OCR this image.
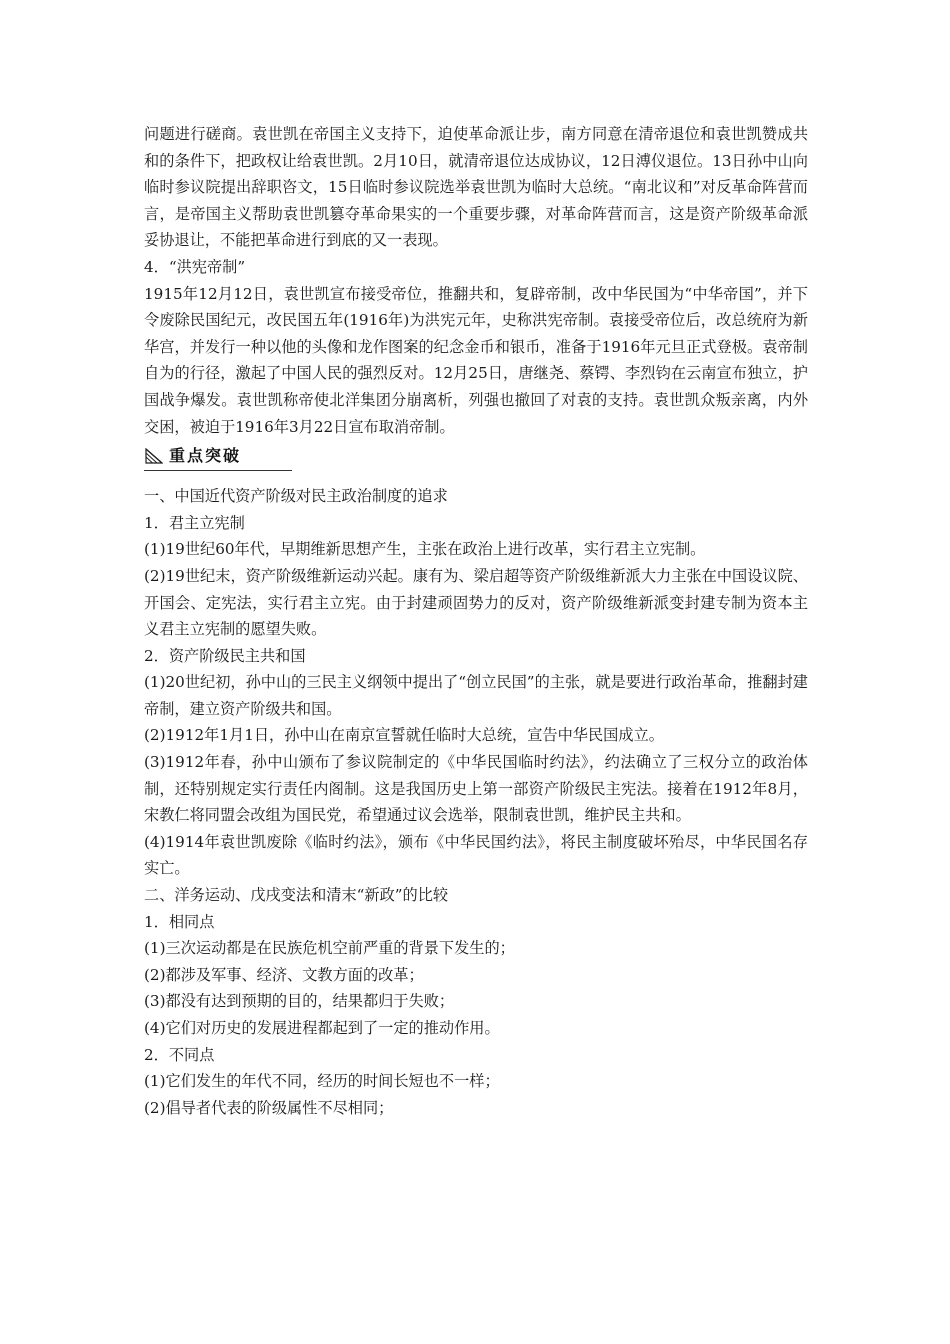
问题进行磋商。袁世凯在帝国主义支持下，迫使革命派让步，南方同意在清帝退位和袁世凯赞成共和的条件下，把政权让给袁世凯。2月10日，就清帝退位达成协议，12日溥仪退位。13日孙中山向临时参议院提出辞职咨文，15日临时参议院选举袁世凯为临时大总统。“南北议和”对反革命阵营而言，是帝国主义帮助袁世凯篡夺革命果实的一个重要步骤，对革命阵营而言，这是资产阶级革命派妥协退让，不能把革命进行到底的又一表现。

4．“洪宪帝制”

1915年12月12日，袁世凯宣布接受帝位，推翻共和，复辟帝制，改中华民国为“中华帝国”，并下令废除民国纪元，改民国五年(1916年)为洪宪元年，史称洪宪帝制。袁接受帝位后，改总统府为新华宫，并发行一种以他的头像和龙作图案的纪念金币和银币，准备于1916年元旦正式登极。袁帝制自为的行径，激起了中国人民的强烈反对。12月25日，唐继尧、蔡锷、李烈钧在云南宣布独立，护国战争爆发。袁世凯称帝使北洋集团分崩离析，列强也撤回了对袁的支持。袁世凯众叛亲离，内外交困，被迫于1916年3月22日宣布取消帝制。

重点突破

一、中国近代资产阶级对民主政治制度的追求

1．君主立宪制

(1)19世纪60年代，早期维新思想产生，主张在政治上进行改革，实行君主立宪制。

(2)19世纪末，资产阶级维新运动兴起。康有为、梁启超等资产阶级维新派大力主张在中国设议院、开国会、定宪法，实行君主立宪。由于封建顽固势力的反对，资产阶级维新派变封建专制为资本主义君主立宪制的愿望失败。

2．资产阶级民主共和国

(1)20世纪初，孙中山的三民主义纲领中提出了“创立民国”的主张，就是要进行政治革命，推翻封建帝制，建立资产阶级共和国。

(2)1912年1月1日，孙中山在南京宣誓就任临时大总统，宣告中华民国成立。

(3)1912年春，孙中山颁布了参议院制定的《中华民国临时约法》，约法确立了三权分立的政治体制，还特别规定实行责任内阁制。这是我国历史上第一部资产阶级民主宪法。接着在1912年8月，宋教仁将同盟会改组为国民党，希望通过议会选举，限制袁世凯，维护民主共和。

(4)1914年袁世凯废除《临时约法》，颁布《中华民国约法》，将民主制度破坏殆尽，中华民国名存实亡。

二、洋务运动、戊戌变法和清末“新政”的比较

1．相同点

(1)三次运动都是在民族危机空前严重的背景下发生的；

(2)都涉及军事、经济、文教方面的改革；

(3)都没有达到预期的目的，结果都归于失败；

(4)它们对历史的发展进程都起到了一定的推动作用。

2．不同点

(1)它们发生的年代不同，经历的时间长短也不一样；

(2)倡导者代表的阶级属性不尽相同；
